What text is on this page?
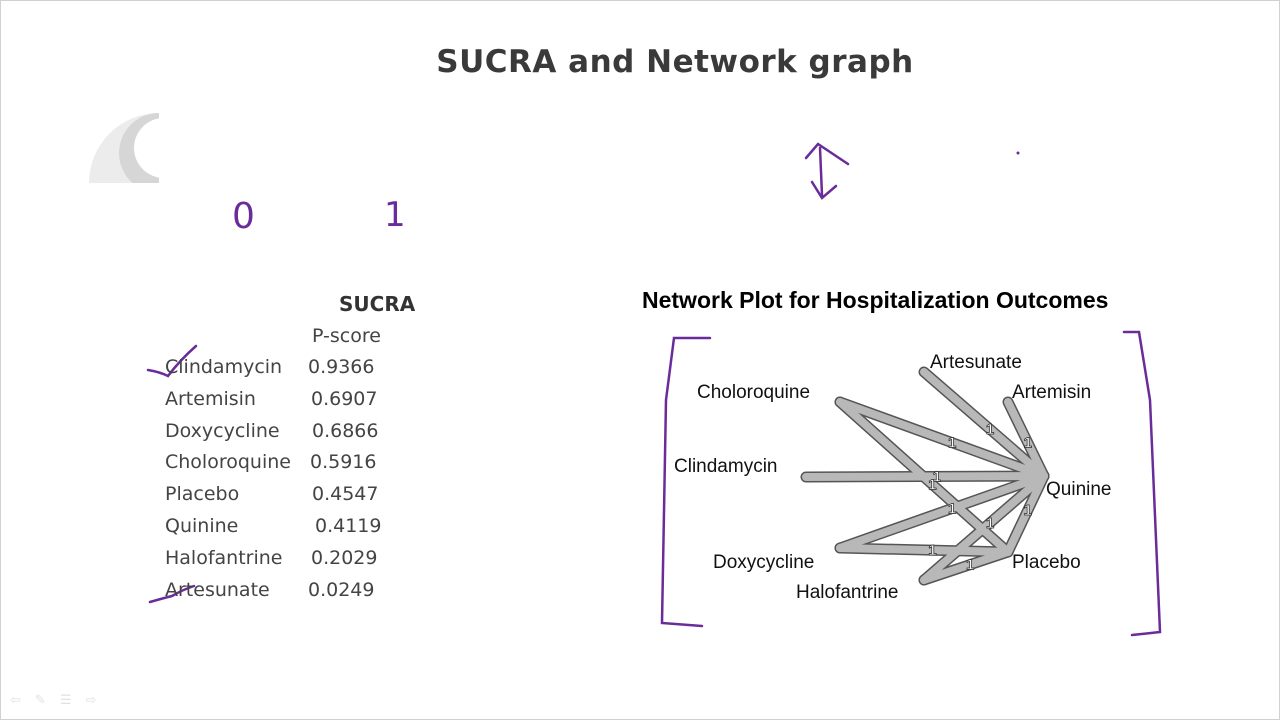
SUCRA and Network graph
0	1
SUCRA
P-score
Clindamycin 0.9366
Artemisin	0.6907
Doxycycline 0.6866
Choloroquine 0.5916
Placebo	0.4547
Quinine	0.4119
Halofantrine 0.2029
Artesunate 0.0249
Network Plot for Hospitalization Outcomes
1
1
1
1
1
1
1
1
1
1
Artesunate
Choloroquine	Artemisin
Clindamycin
Quinine
Doxycycline	Placebo
Halofantrine
⇦ ✎ ☰ ⇨
